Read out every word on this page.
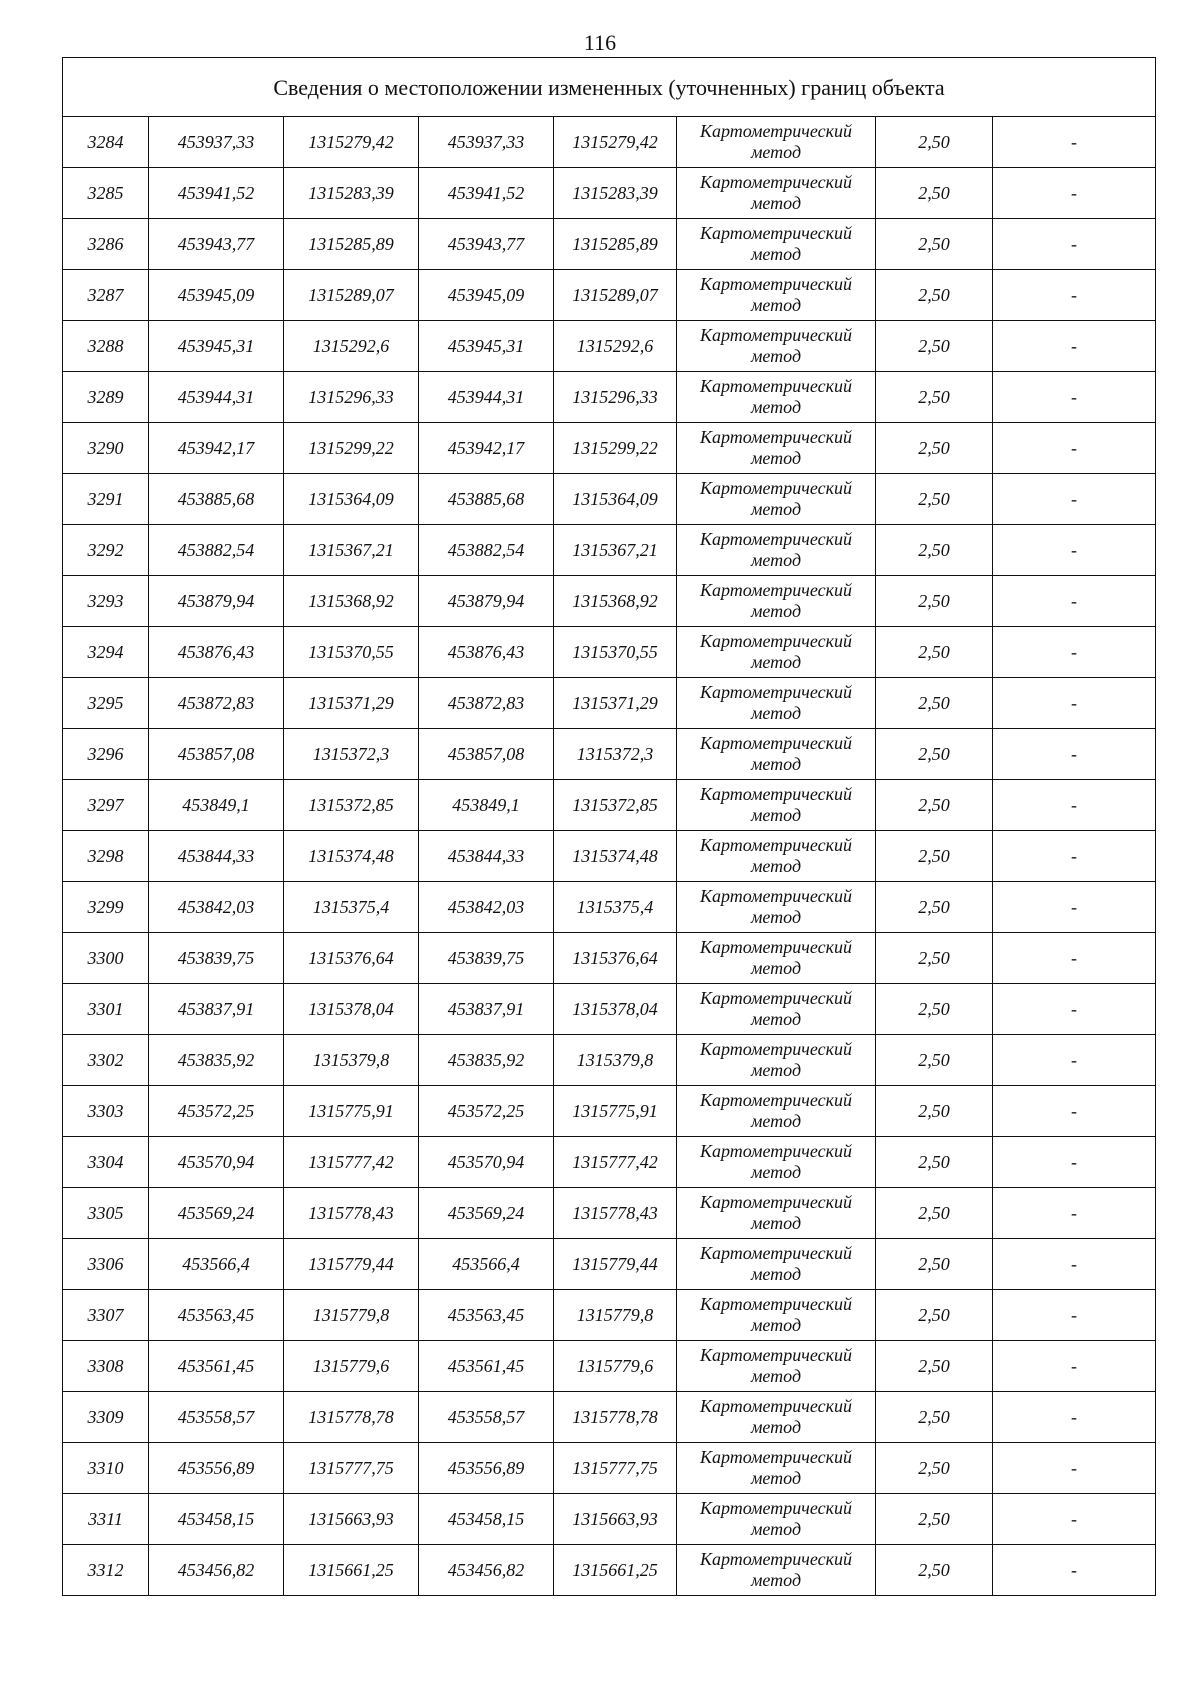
116
Сведения о местоположении измененных (уточненных) границ объекта							
3284	453937,33	1315279,42	453937,33	1315279,42	Картометрический
метод	2,50	-
3285	453941,52	1315283,39	453941,52	1315283,39	Картометрический
метод	2,50	-
3286	453943,77	1315285,89	453943,77	1315285,89	Картометрический
метод	2,50	-
3287	453945,09	1315289,07	453945,09	1315289,07	Картометрический
метод	2,50	-
3288	453945,31	1315292,6	453945,31	1315292,6	Картометрический
метод	2,50	-
3289	453944,31	1315296,33	453944,31	1315296,33	Картометрический
метод	2,50	-
3290	453942,17	1315299,22	453942,17	1315299,22	Картометрический
метод	2,50	-
3291	453885,68	1315364,09	453885,68	1315364,09	Картометрический
метод	2,50	-
3292	453882,54	1315367,21	453882,54	1315367,21	Картометрический
метод	2,50	-
3293	453879,94	1315368,92	453879,94	1315368,92	Картометрический
метод	2,50	-
3294	453876,43	1315370,55	453876,43	1315370,55	Картометрический
метод	2,50	-
3295	453872,83	1315371,29	453872,83	1315371,29	Картометрический
метод	2,50	-
3296	453857,08	1315372,3	453857,08	1315372,3	Картометрический
метод	2,50	-
3297	453849,1	1315372,85	453849,1	1315372,85	Картометрический
метод	2,50	-
3298	453844,33	1315374,48	453844,33	1315374,48	Картометрический
метод	2,50	-
3299	453842,03	1315375,4	453842,03	1315375,4	Картометрический
метод	2,50	-
3300	453839,75	1315376,64	453839,75	1315376,64	Картометрический
метод	2,50	-
3301	453837,91	1315378,04	453837,91	1315378,04	Картометрический
метод	2,50	-
3302	453835,92	1315379,8	453835,92	1315379,8	Картометрический
метод	2,50	-
3303	453572,25	1315775,91	453572,25	1315775,91	Картометрический
метод	2,50	-
3304	453570,94	1315777,42	453570,94	1315777,42	Картометрический
метод	2,50	-
3305	453569,24	1315778,43	453569,24	1315778,43	Картометрический
метод	2,50	-
3306	453566,4	1315779,44	453566,4	1315779,44	Картометрический
метод	2,50	-
3307	453563,45	1315779,8	453563,45	1315779,8	Картометрический
метод	2,50	-
3308	453561,45	1315779,6	453561,45	1315779,6	Картометрический
метод	2,50	-
3309	453558,57	1315778,78	453558,57	1315778,78	Картометрический
метод	2,50	-
3310	453556,89	1315777,75	453556,89	1315777,75	Картометрический
метод	2,50	-
3311	453458,15	1315663,93	453458,15	1315663,93	Картометрический
метод	2,50	-
3312	453456,82	1315661,25	453456,82	1315661,25	Картометрический
метод	2,50	-
